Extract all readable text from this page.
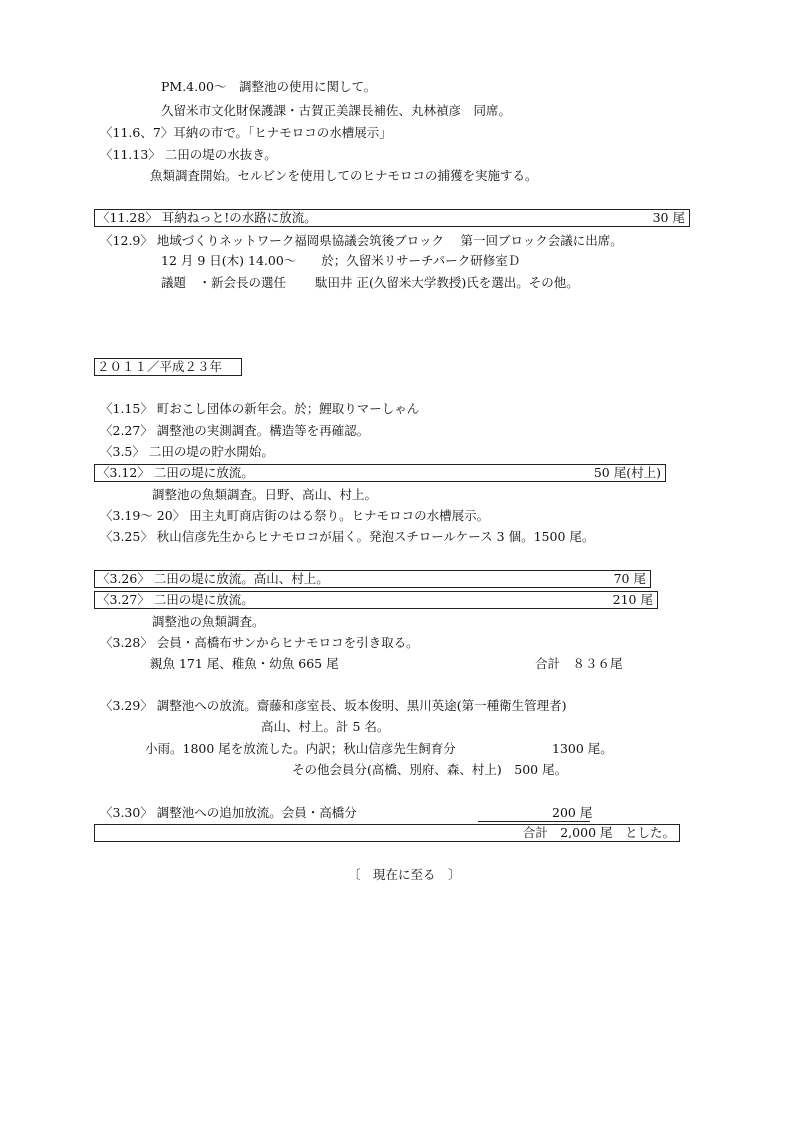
PM.4.00～　調整池の使用に関して。
久留米市文化財保護課・古賀正美課長補佐、丸林禎彦　同席。
〈11.6、7〉耳納の市で。「ヒナモロコの水槽展示」
〈11.13〉 二田の堤の水抜き。
魚類調査開始。セルビンを使用してのヒナモロコの捕獲を実施する。
〈11.28〉 耳納ねっと!の水路に放流。	30 尾
〈12.9〉 地域づくりネットワーク福岡県協議会筑後ブロック　 第一回ブロック会議に出席。
12 月 9 日(木) 14.00～　　於；久留米リサーチパーク研修室Ｄ
議題　・新会長の選任　　 駄田井 正(久留米大学教授)氏を選出。その他。
２０１１／平成２３年
〈1.15〉 町おこし団体の新年会。於；鯉取りマーしゃん
〈2.27〉 調整池の実測調査。構造等を再確認。
〈3.5〉 二田の堤の貯水開始。
〈3.12〉 二田の堤に放流。	50 尾(村上)
調整池の魚類調査。日野、高山、村上。
〈3.19～ 20〉 田主丸町商店街のはる祭り。ヒナモロコの水槽展示。
〈3.25〉 秋山信彦先生からヒナモロコが届く。発泡スチロールケース 3 個。1500 尾。
〈3.26〉 二田の堤に放流。高山、村上。	70 尾
〈3.27〉 二田の堤に放流。	210 尾
調整池の魚類調査。
〈3.28〉 会員・高橋布サンからヒナモロコを引き取る。
親魚 171 尾、稚魚・幼魚 665 尾	合計　８３６尾
〈3.29〉 調整池への放流。齋藤和彦室長、坂本俊明、黒川英途(第一種衛生管理者)
高山、村上。計 5 名。
小雨。1800 尾を放流した。内訳；秋山信彦先生飼育分	1300 尾。
その他会員分(高橋、別府、森、村上)　500 尾。
〈3.30〉 調整池への追加放流。会員・高橋分	200 尾
合計　2,000 尾　とした。
〔　現在に至る　〕
